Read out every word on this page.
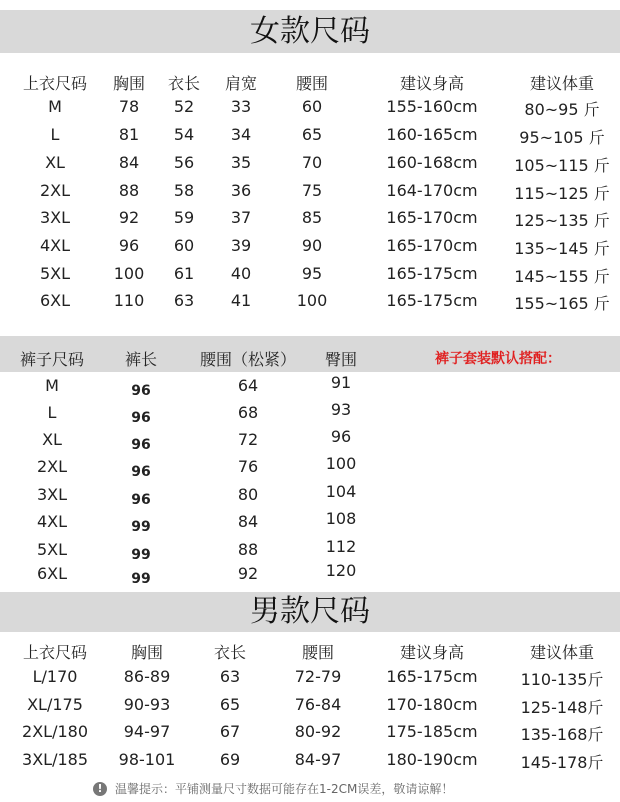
女款尺码
上衣尺码 胸围 衣长 肩宽 腰围	建议身高	建议体重
M	78 52 33	60	155-160cm	80~95 斤
L	81 54 34	65	160-165cm	95~105 斤
XL	84 56 35	70	160-168cm 105~115 斤
2XL	88 58 36	75	164-170cm 115~125 斤
3XL	92 59 37	85	165-170cm 125~135 斤
4XL	96 60 39	90	165-170cm 135~145 斤
5XL	100 61 40	95	165-175cm 145~155 斤
6XL	110 63 41	100	165-175cm 155~165 斤
裤子尺码	裤长	腰围（松紧） 臀围
M	96	64	91
L	96	68	93
XL	96	72	96
2XL	96	76	100
3XL	96	80	104
4XL	99	84	108
5XL	99	88	112
6XL	99	92	120
裤子套装默认搭配：
男款尺码
上衣尺码	胸围	衣长	腰围	建议身高	建议体重
L/170	86-89	63	72-79	165-175cm	110-135斤
XL/175	90-93	65	76-84	170-180cm	125-148斤
2XL/180 94-97	67	80-92	175-185cm	135-168斤
3XL/185 98-101	69	84-97	180-190cm	145-178斤
!	温馨提示：平铺测量尺寸数据可能存在1-2CM误差，敬请谅解！
